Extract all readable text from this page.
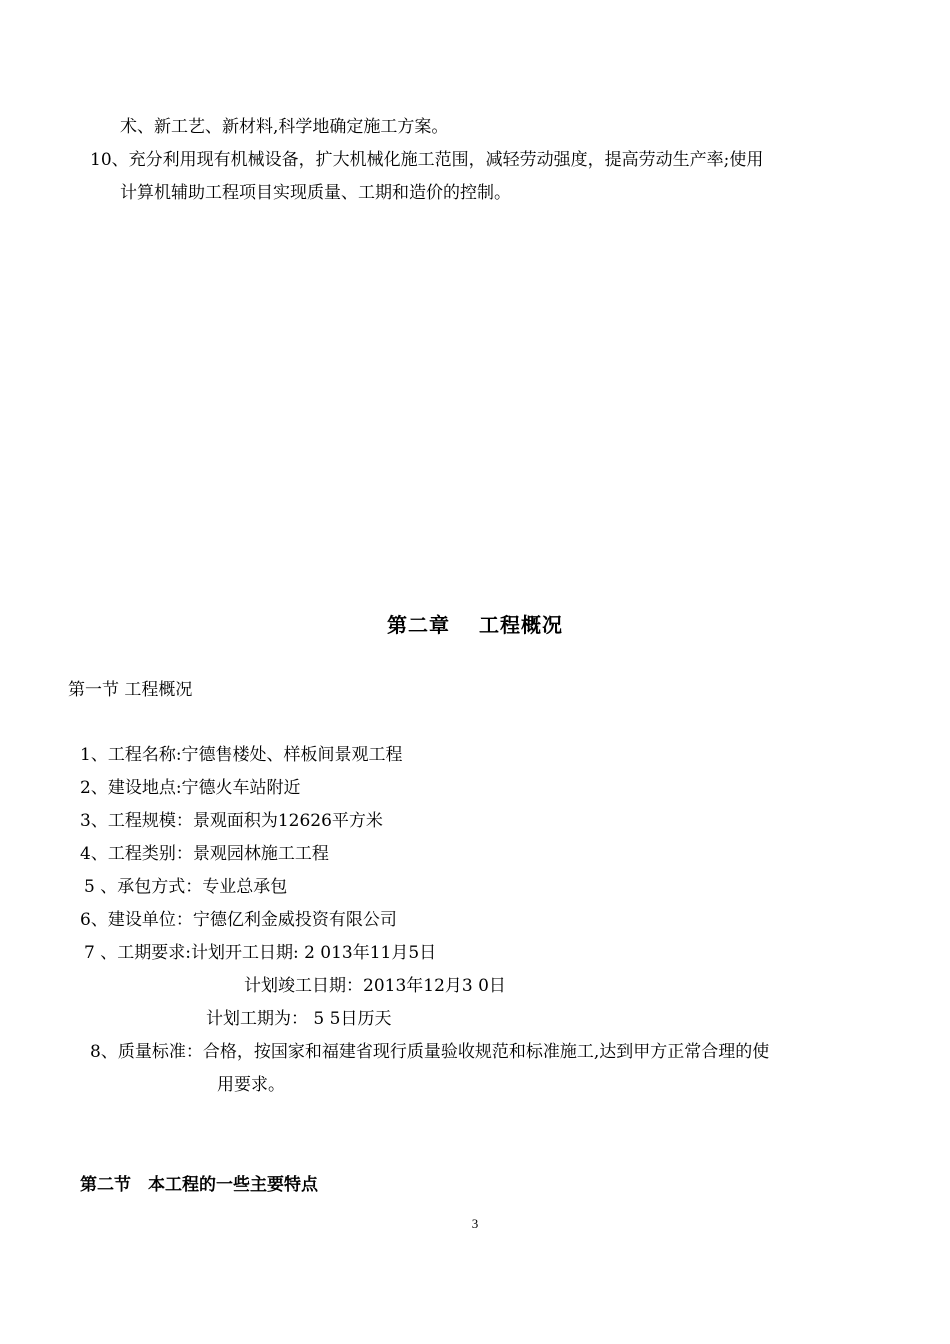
术、新工艺、新材料,科学地确定施工方案。
10、充分利用现有机械设备，扩大机械化施工范围，减轻劳动强度，提高劳动生产率;使用
计算机辅助工程项目实现质量、工期和造价的控制。
第二章　 工程概况
第一节 工程概况
1、工程名称:宁德售楼处、样板间景观工程
2、建设地点:宁德火车站附近
3、工程规模：景观面积为12626平方米
4、工程类别：景观园林施工工程
5 、承包方式：专业总承包
6、建设单位：宁德亿利金威投资有限公司
7 、工期要求:计划开工日期: 2 013年11月5日
计划竣工日期：2013年12月3 0日
计划工期为： 5 5日历天
8、质量标准：合格，按国家和福建省现行质量验收规范和标准施工,达到甲方正常合理的使
用要求。
第二节　本工程的一些主要特点
3
